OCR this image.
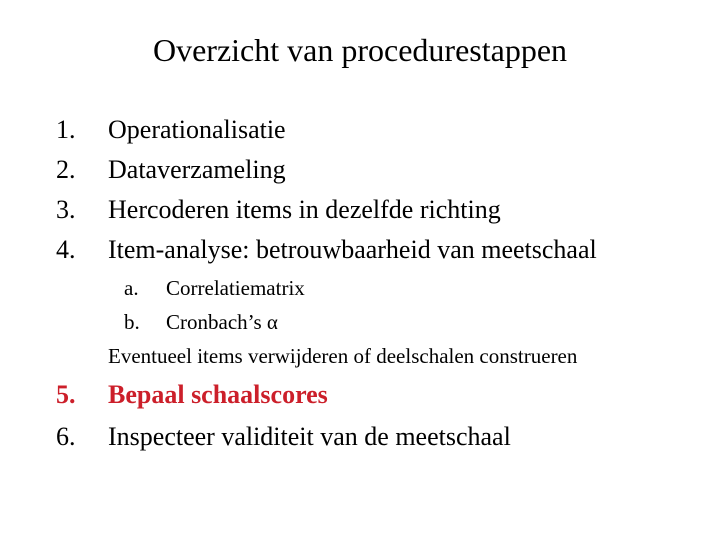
Overzicht van procedurestappen
1. Operationalisatie
2. Dataverzameling
3. Hercoderen items in dezelfde richting
4. Item-analyse: betrouwbaarheid van meetschaal
a. Correlatiematrix
b. Cronbach’s α
Eventueel items verwijderen of deelschalen construeren
5. Bepaal schaalscores
6. Inspecteer validiteit van de meetschaal
